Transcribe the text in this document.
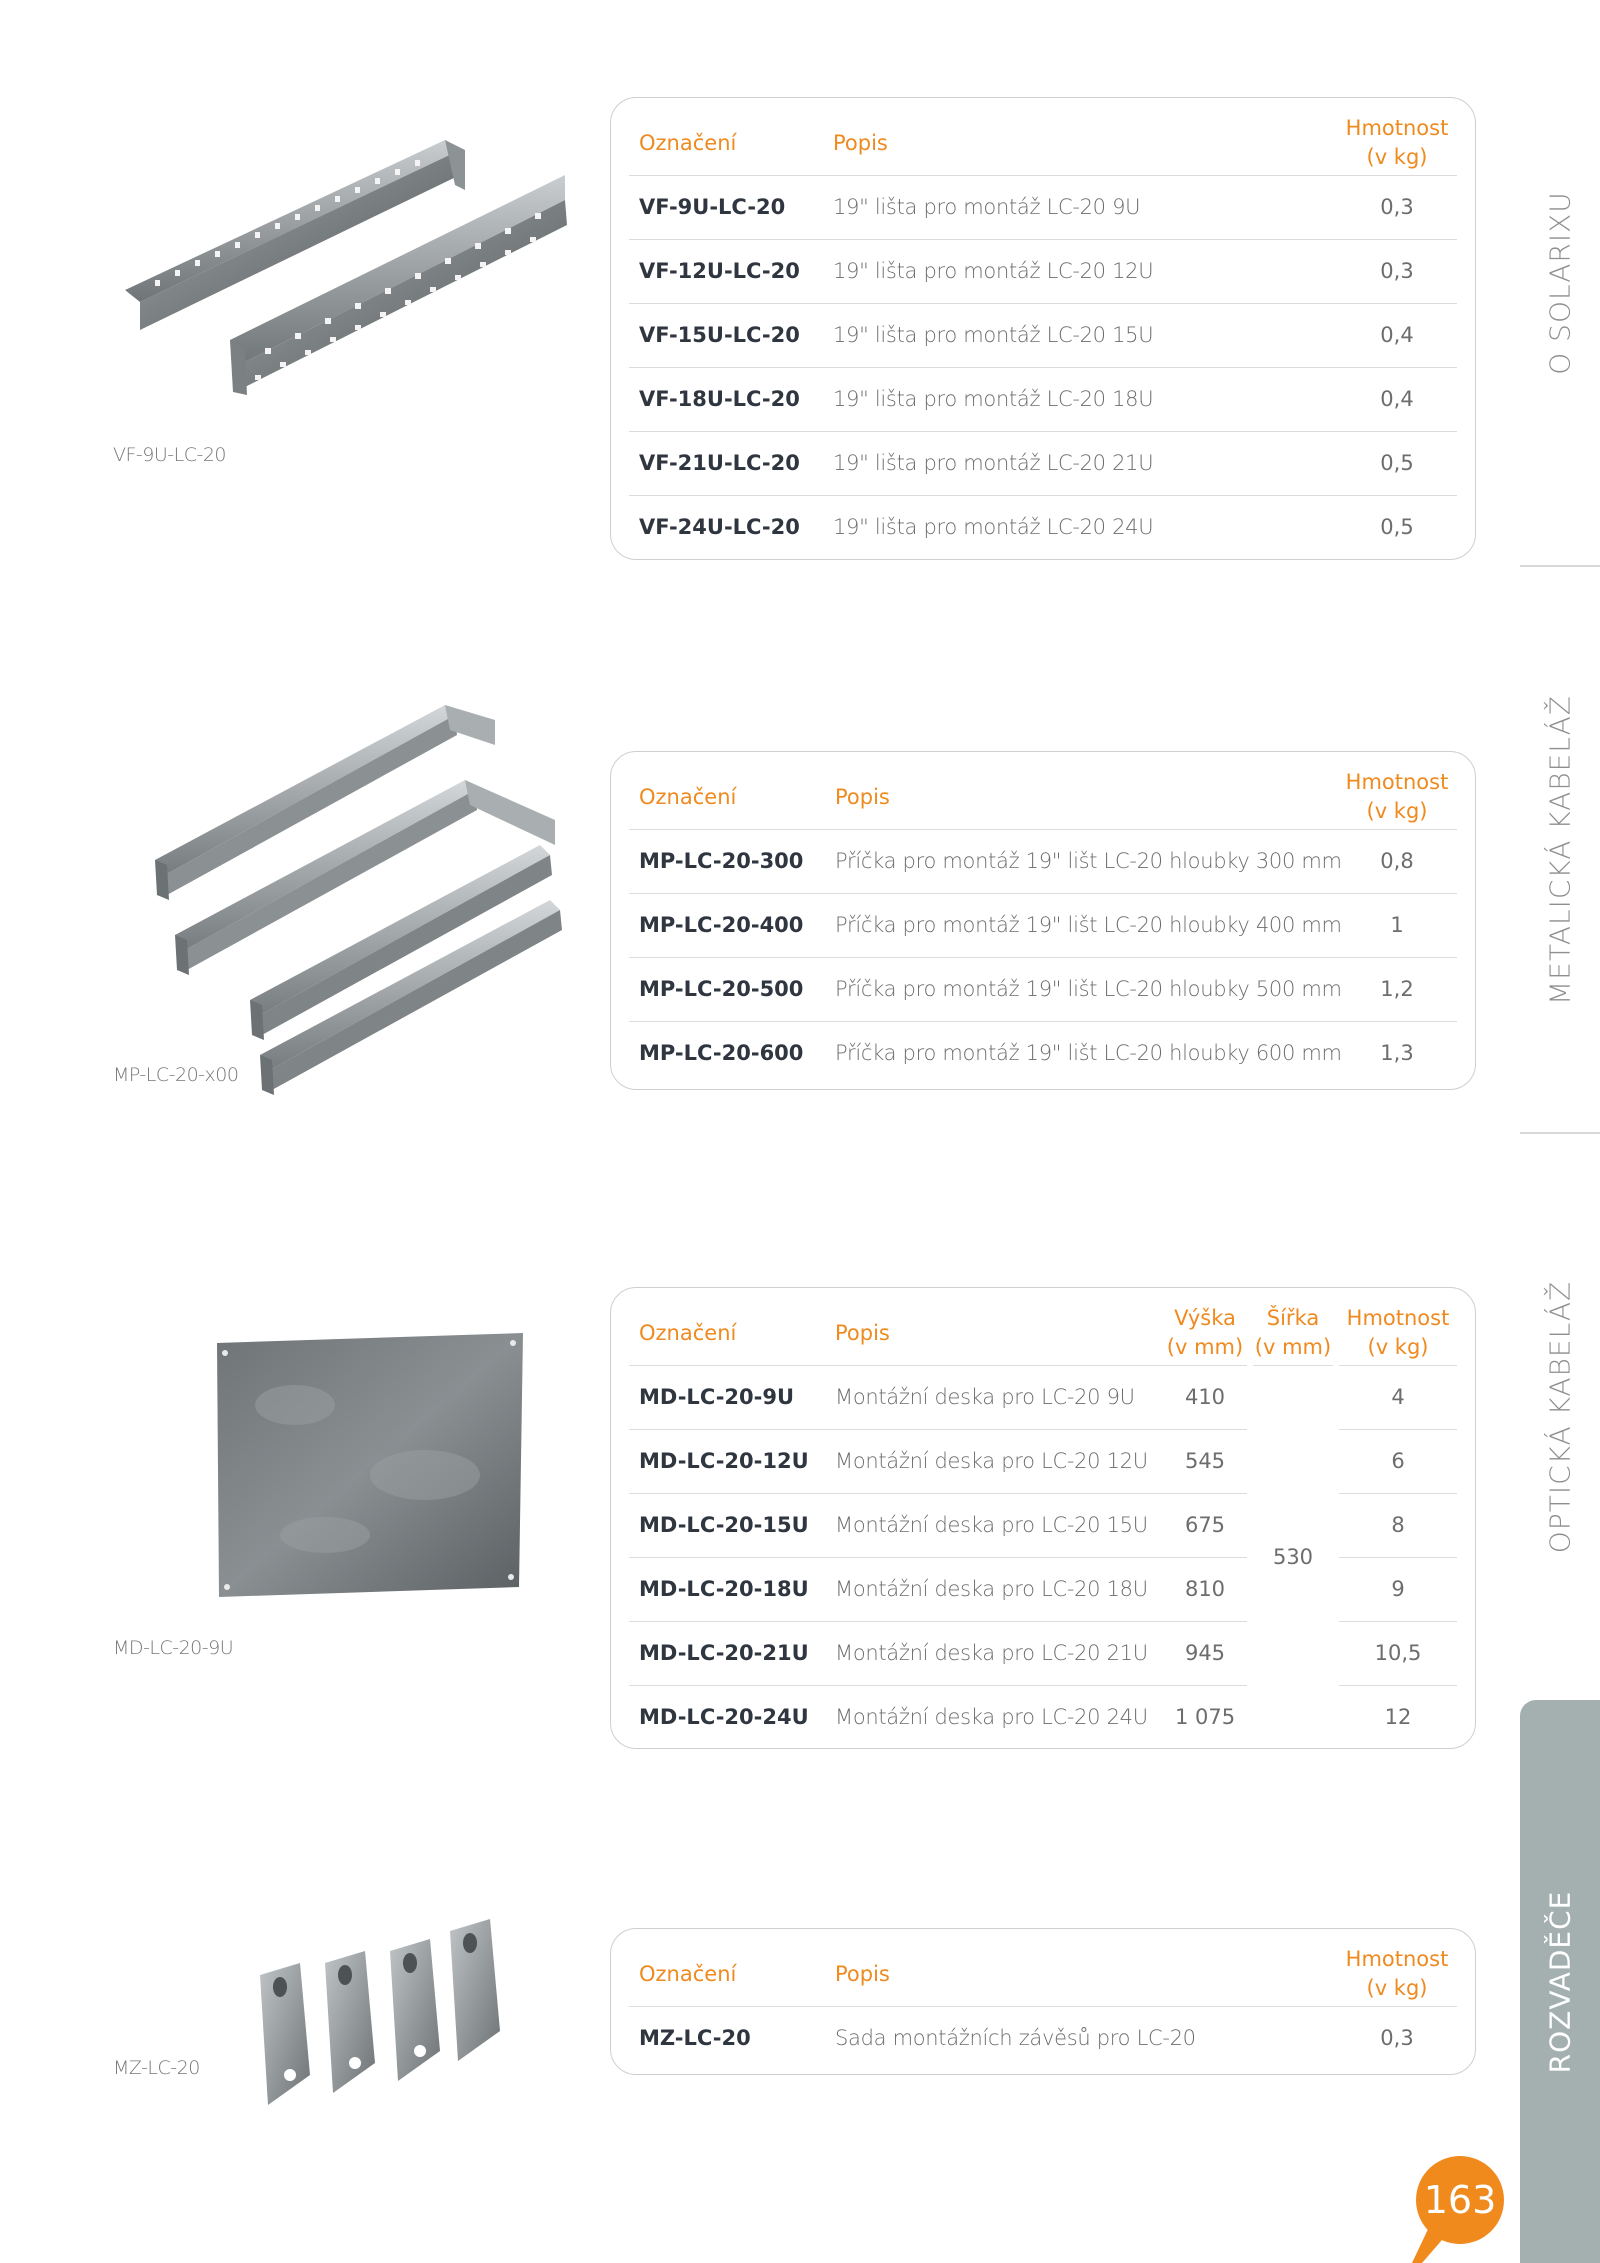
VF-9U-LC-20
Označení	Popis	Hmotnost
(v kg)
VF-9U-LC-20	19" lišta pro montáž LC-20 9U	0,3
VF-12U-LC-20	19" lišta pro montáž LC-20 12U	0,3
VF-15U-LC-20	19" lišta pro montáž LC-20 15U	0,4
VF-18U-LC-20	19" lišta pro montáž LC-20 18U	0,4
VF-21U-LC-20	19" lišta pro montáž LC-20 21U	0,5
VF-24U-LC-20	19" lišta pro montáž LC-20 24U	0,5
MP-LC-20-x00
Označení	Popis	Hmotnost
(v kg)
MP-LC-20-300	Příčka pro montáž 19" lišt LC-20 hloubky 300 mm	0,8
MP-LC-20-400	Příčka pro montáž 19" lišt LC-20 hloubky 400 mm	1
MP-LC-20-500	Příčka pro montáž 19" lišt LC-20 hloubky 500 mm	1,2
MP-LC-20-600	Příčka pro montáž 19" lišt LC-20 hloubky 600 mm	1,3
MD-LC-20-9U
Označení	Popis	Výška
(v mm)		Šířka
(v mm)		Hmotnost
(v kg)
MD-LC-20-9U	Montážní deska pro LC-20 9U	410		530		4
MD-LC-20-12U	Montážní deska pro LC-20 12U	545				6
MD-LC-20-15U	Montážní deska pro LC-20 15U	675				8
MD-LC-20-18U	Montážní deska pro LC-20 18U	810				9
MD-LC-20-21U	Montážní deska pro LC-20 21U	945				10,5
MD-LC-20-24U	Montážní deska pro LC-20 24U	1 075				12
MZ-LC-20
Označení	Popis	Hmotnost
(v kg)
MZ-LC-20	Sada montážních závěsů pro LC-20	0,3
O SOLARIXU
METALICKÁ KABELÁŽ
OPTICKÁ KABELÁŽ
ROZVADĚČE
163
